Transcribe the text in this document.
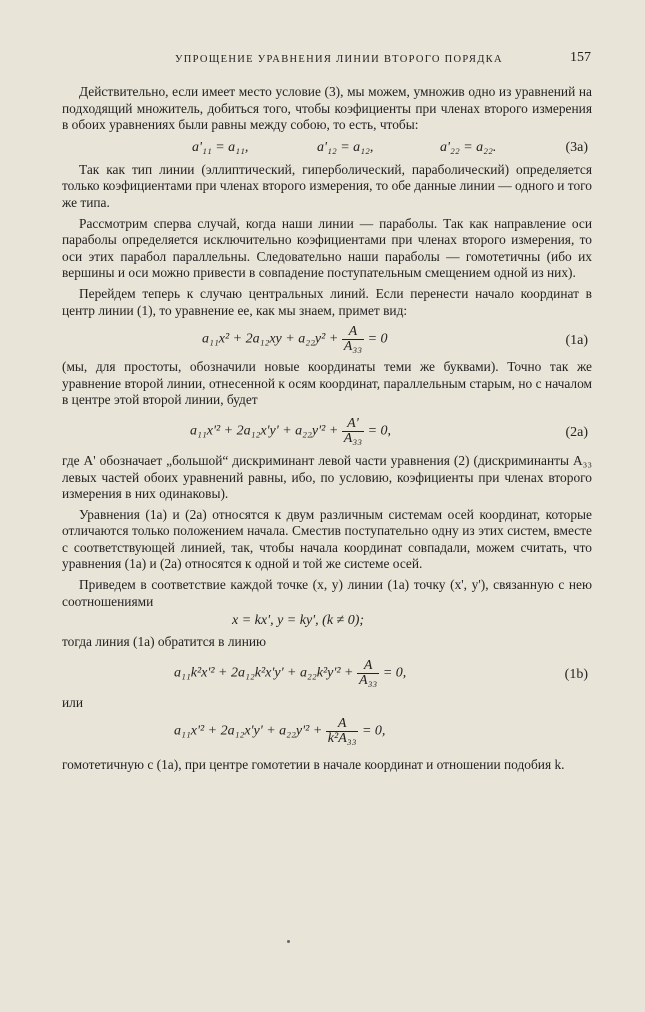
УПРОЩЕНИЕ УРАВНЕНИЯ ЛИНИИ ВТОРОГО ПОРЯДКА	157

Действительно, если имеет место условие (3), мы можем, умножив одно из уравнений на подходящий множитель, добиться того, чтобы коэфициенты при членах второго измерения в обоих уравнениях были равны между собою, то есть, чтобы:

a'₁₁ = a₁₁,	a'₁₂ = a₁₂,	a'₂₂ = a₂₂.	(3a)

Так как тип линии (эллиптический, гиперболический, параболический) определяется только коэфициентами при членах второго измерения, то обе данные линии — одного и того же типа.

Рассмотрим сперва случай, когда наши линии — параболы. Так как направление оси параболы определяется исключительно коэфициентами при членах второго измерения, то оси этих парабол параллельны. Следовательно наши параболы — гомотетичны (ибо их вершины и оси можно привести в совпадение поступательным смещением одной из них).

Перейдем теперь к случаю центральных линий. Если перенести начало координат в центр линии (1), то уравнение ее, как мы знаем, примет вид:

$a_{11}x^2 + 2a_{12}xy + a_{22}y^2 + \frac{A}{\text{A₃₃}} = 0$	(1a)

(мы, для простоты, обозначили новые координаты теми же буквами). Точно так же уравнение второй линии, отнесенной к осям координат, параллельным старым, но с началом в центре этой второй линии, будет

$a_{11}x'^2 + 2a_{12}x'y' + a_{22}y'^2 + \frac{A'}{\text{A₃₃}} = 0$,	(2a)

где A' обозначает „большой“ дискриминант левой части уравнения (2) (дискриминанты A₃₃ левых частей обоих уравнений равны, ибо, по условию, коэфициенты при членах второго измерения в них одинаковы).

Уравнения (1a) и (2a) относятся к двум различным системам осей координат, которые отличаются только положением начала. Сместив поступательно одну из этих систем, вместе с соответствующей линией, так, чтобы начала координат совпадали, можем считать, что уравнения (1a) и (2a) относятся к одной и той же системе осей.

Приведем в соответствие каждой точке (x, y) линии (1a) точку (x', y'), связанную с нею соотношениями

x = kx', y = ky', (k ≠ 0);

тогда линия (1a) обратится в линию

$a_{11}k^2x'^2 + 2a_{12}k^2x'y' + a_{22}k^2y'^2 + \frac{A}{\text{A₃₃}} = 0$,	(1b)

или

$a_{11}x'^2 + 2a_{12}x'y' + a_{22}y'^2 + \frac{A}{\text{k²A₃₃}} = 0$,

гомотетичную с (1a), при центре гомотетии в начале координат и отношении подобия k.
